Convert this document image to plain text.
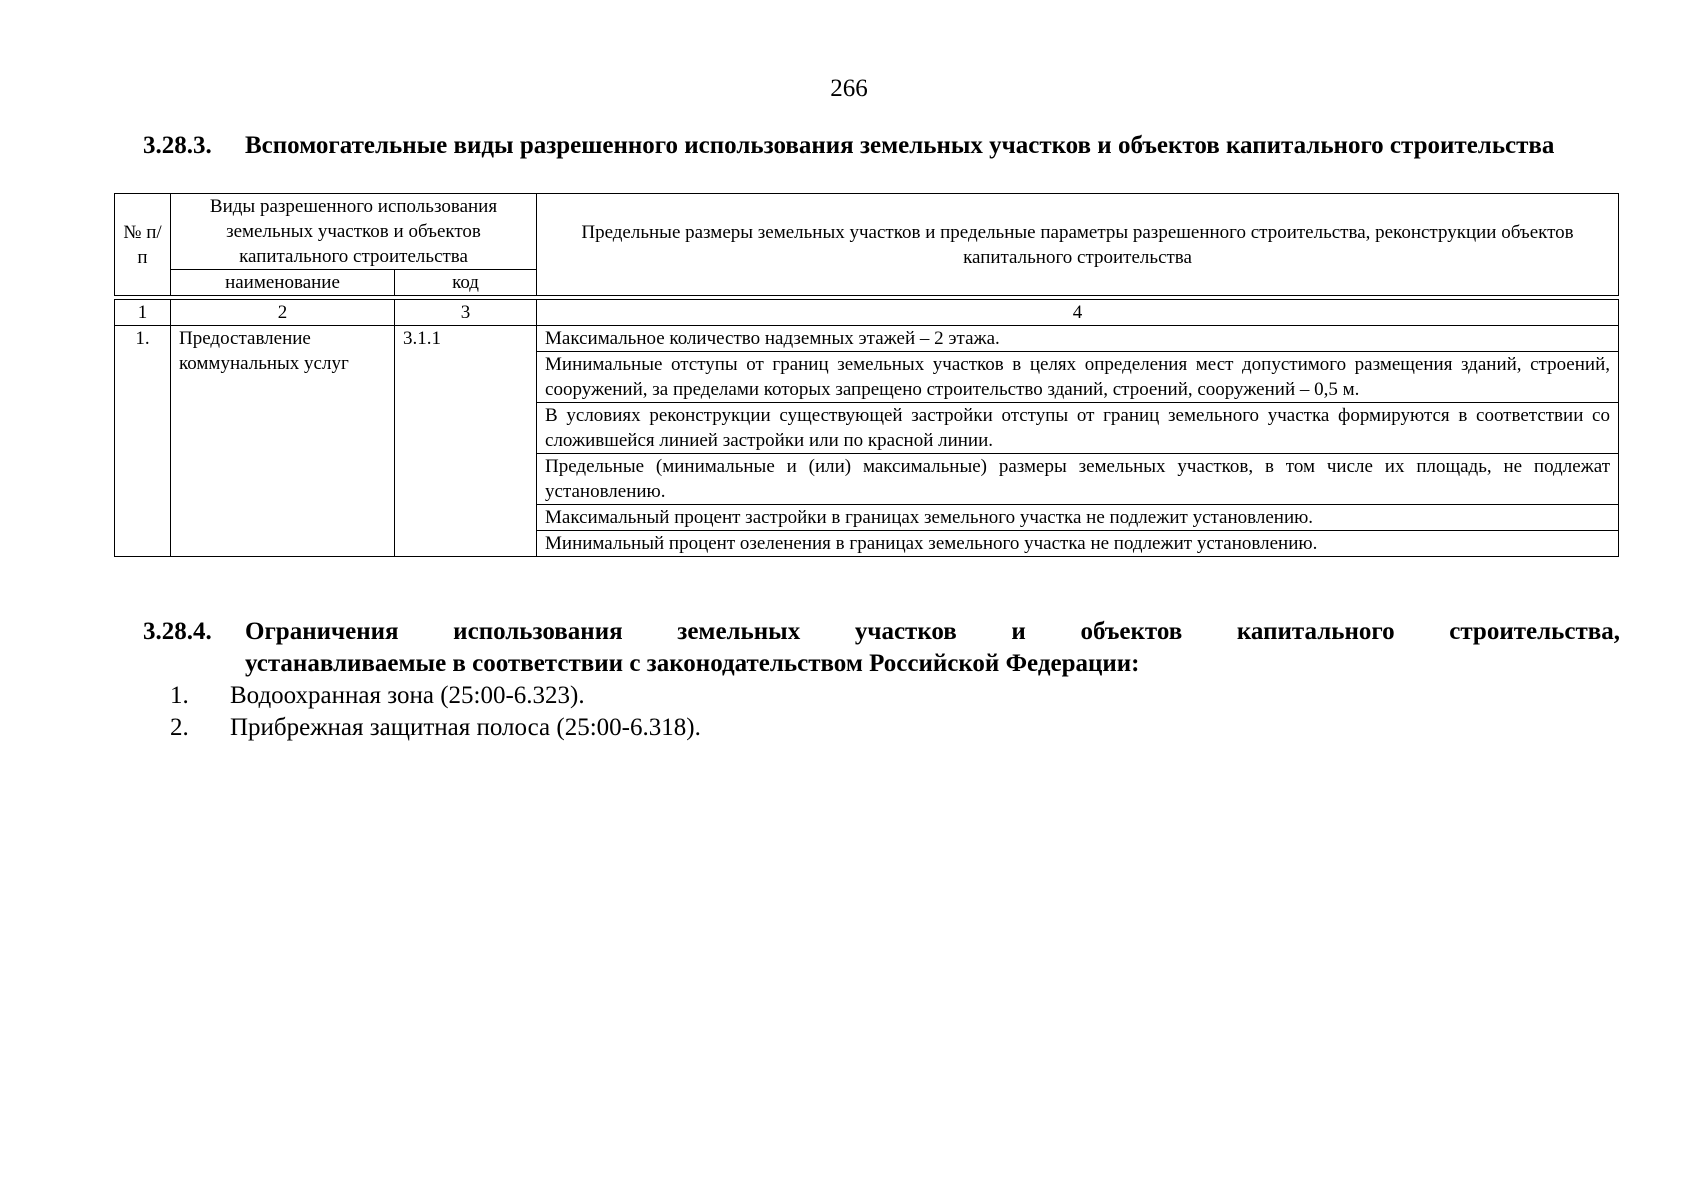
266
3.28.3. Вспомогательные виды разрешенного использования земельных участков и объектов капитального строительства
№ п/п	Виды разрешенного использования земельных участков и объектов капитального строительства		Предельные размеры земельных участков и предельные параметры разрешенного строительства, реконструкции объектов капитального строительства
	наименование	код	

1	2	3	4
1.	Предоставление коммунальных услуг	3.1.1	Максимальное количество надземных этажей – 2 этажа.
			Минимальные отступы от границ земельных участков в целях определения мест допустимого размещения зданий, строений, сооружений, за пределами которых запрещено строительство зданий, строений, сооружений – 0,5 м.
			В условиях реконструкции существующей застройки отступы от границ земельного участка формируются в соответствии со сложившейся линией застройки или по красной линии.
			Предельные (минимальные и (или) максимальные) размеры земельных участков, в том числе их площадь, не подлежат установлению.
			Максимальный процент застройки в границах земельного участка не подлежит установлению.
			Минимальный процент озеленения в границах земельного участка не подлежит установлению.
3.28.4. Ограничения использования земельных участков и объектов капитального строительства,
устанавливаемые в соответствии с законодательством Российской Федерации:
1. Водоохранная зона (25:00-6.323).
2. Прибрежная защитная полоса (25:00-6.318).
